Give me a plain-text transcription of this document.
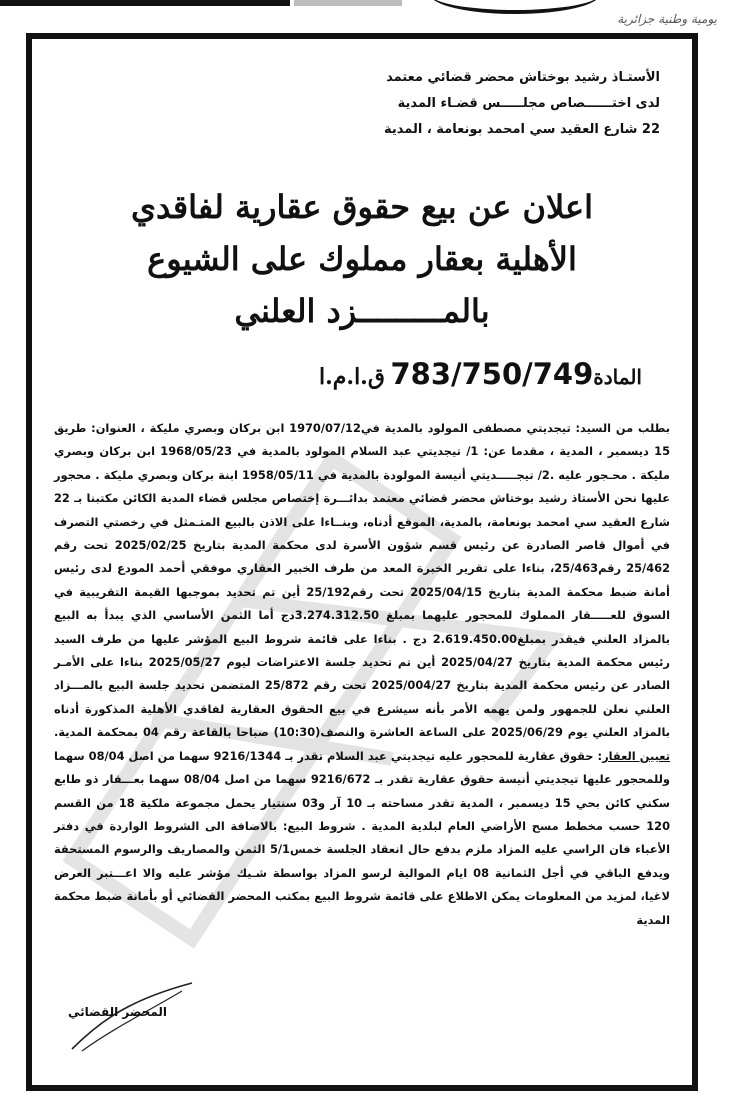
يومية وطنية جزائرية
الأستـاذ رشيد بوختاش محضر قضائي معتمد
لدى اختــــــصاص مجلـــــس قضـاء المدية
22 شارع العقيد سي امحمد بونعامة ، المدية
اعلان عن بيع حقوق عقارية لفاقدي
الأهلية بعقار مملوك على الشيوع
بالمـــــــــزد العلني
المادة783/750/749 ق.ا.م.ا
بطلب من السيد: تيجديتي مصطفى المولود بالمدية في1970/07/12 ابن بركان وبصري مليكة ، العنوان: طريق 15 ديسمبر ، المدية ، مقدما عن: 1/ تيجديتي عبد السلام المولود بالمدية في 1968/05/23 ابن بركان وبصري مليكة . محـجور عليه .2/ تيجـــــديتي أنيسة المولودة بالمدية في 1958/05/11 ابنة بركان وبصري مليكة . محجور عليها نحن الأستاذ رشيد بوختاش محضر قضائي معتمد بدائـــرة إختصاص مجلس قضاء المدية الكائن مكتبنا بـ 22 شارع العقيد سي امحمد بونعامة، بالمدية، الموقع أدناه، وبنــاءا على الاذن بالبيع المتـمثل في رخصتي التصرف في أموال قاصر الصادرة عن رئيس قسم شؤون الأسرة لدى محكمة المدية بتاريخ 2025/02/25 تحت رقم 25/462 رقم25/463، بناءا على تقرير الخبرة المعد من طرف الخبير العقاري موفقي أحمد المودع لدى رئيس أمانة ضبط محكمة المدية بتاريخ 2025/04/15 تحت رقم25/192 أين تم تحديد بموجبها القيمة التقريبية في السوق للعـــــقار المملوك للمحجور عليهما بمبلغ 3.274.312.50دج أما الثمن الأساسي الذي يبدأ به البيع بالمزاد العلني فيقدر بمبلغ2.619.450.00 دج . بناءا على قائمة شروط البيع المؤشر عليها من طرف السيد رئيس محكمة المدية بتاريخ 2025/04/27 أين تم تحديد جلسة الاعتراضات ليوم 2025/05/27 بناءا على الأمـر الصادر عن رئيس محكمة المدية بتاريخ 2025/004/27 تحت رقم 25/872 المتضمن تحديد جلسة البيع بالمـــزاد العلني نعلن للجمهور ولمن يهمه الأمر بأنه سيشرع في بيع الحقوق العقارية لفاقدي الأهلية المذكورة أدناه بالمزاد العلني يوم 2025/06/29 على الساعة العاشرة والنصف(10:30) صباحا بالقاعة رقم 04 بمحكمة المدية. تعيين العقار: حقوق عقارية للمحجور عليه تيجديتي عبد السلام تقدر بـ 9216/1344 سهما من اصل 08/04 سهما وللمحجور عليها تيجديتي أنيسة حقوق عقارية تقدر بـ 9216/672 سهما من اصل 08/04 سهما بعـــقار ذو طابع سكني كائن بحي 15 ديسمبر ، المدية تقدر مساحته بـ 10 آر و03 سنتيار يحمل مجموعة ملكية 18 من القسم 120 حسب مخطط مسح الأراضي العام لبلدية المدية . شروط البيع: بالاضافة الى الشروط الواردة في دفتر الأعباء فان الراسي عليه المزاد ملزم بدفع حال انعقاد الجلسة خمس5/1 الثمن والمصاريف والرسوم المستحقة ويدفع الباقي في أجل الثمانية 08 ايام الموالية لرسو المزاد بواسطة شـيك مؤشر عليه والا اعـــتبر العرض لاغيا، لمزيد من المعلومات يمكن الاطلاع على قائمة شروط البيع بمكتب المحضر القضائي أو بأمانة ضبط محكمة المدية
المحضر القضائي
